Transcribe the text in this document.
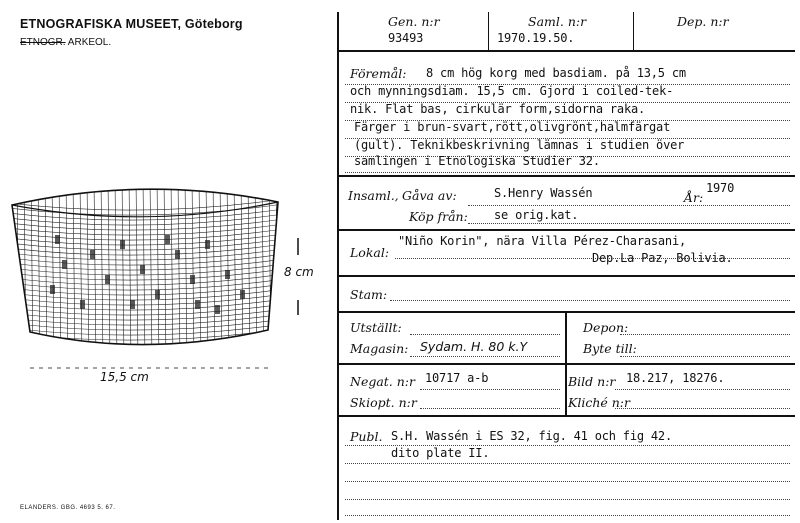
ETNOGRAFISKA MUSEET, Göteborg
ETNOGR. ARKEOL.
8 cm
15,5 cm
ELANDERS. GBG. 4693 5. 67.
Gen. n:r
93493
Saml. n:r
1970.19.50.
Dep. n:r
Föremål: 8 cm hög korg med basdiam. på 13,5 cm
och mynningsdiam. 15,5 cm. Gjord i coiled-tek-
nik. Flat bas, cirkulär form,sidorna raka.
Färger i brun-svart,rött,olivgrönt,halmfärgat
(gult). Teknikbeskrivning lämnas i studien över
samlingen i Etnologiska Studier 32.
Insaml., Gåva av:	S.Henry Wassén	År:
1970
Köp från: se orig.kat.
"Niño Korin", nära Villa Pérez-Charasani,
Lokal:	Dep.La Paz, Bolivia.
Stam:
Utställt:
Magasin: Sydam. H. 80 k.Y
Depon:
Byte till:
Negat. n:r 10717 a-b
Skiopt. n:r
Bild n:r 18.217, 18276.
Kliché n:r
Publ. S.H. Wassén i ES 32, fig. 41 och fig 42.
dito plate II.
